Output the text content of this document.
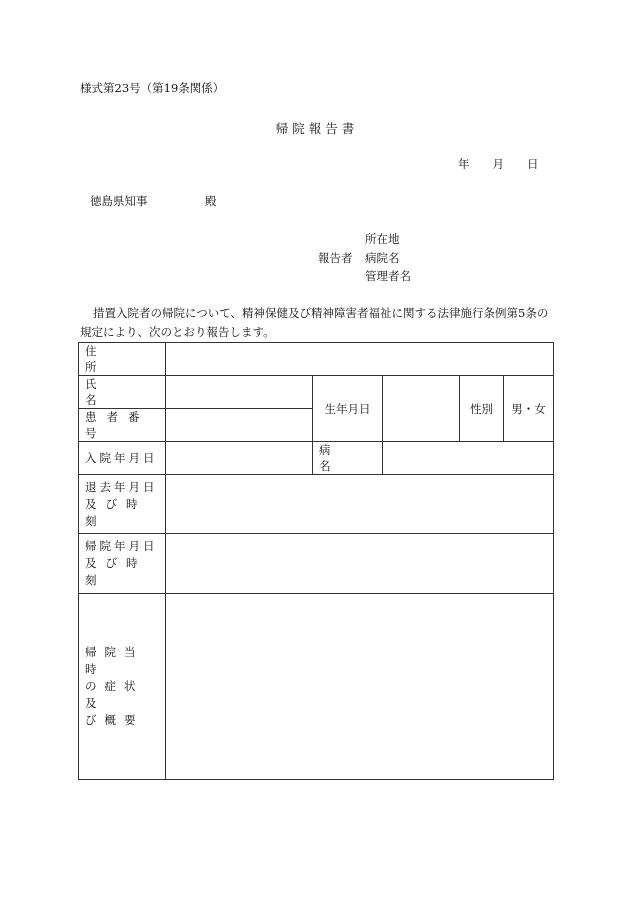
様式第23号（第19条関係）
帰 院 報 告 書
年　　月　　日
徳島県知事　　　　　殿
所在地
報告者	病院名
管理者名
措置入院者の帰院について、精神保健及び精神障害者福祉に関する法律施行条例第5条の規定により、次のとおり報告します。
住所					

氏名		生年月日		性別	男・女

患者番号					

入院年月日		病名			

退去年月日
及び時刻					

帰院年月日
及び時刻					

帰院当時
の症状及
び概要					
